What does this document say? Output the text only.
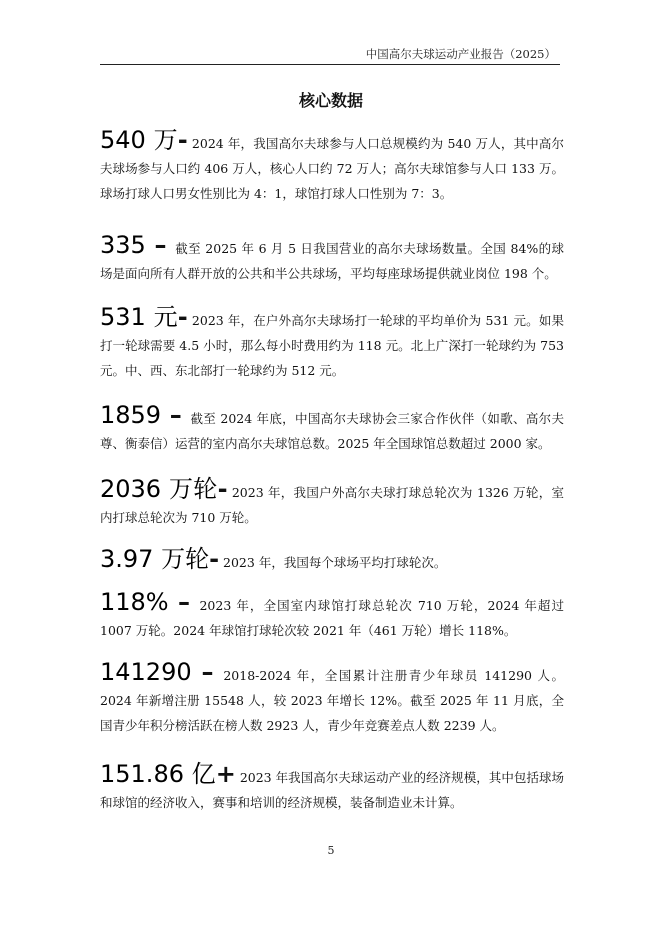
中国高尔夫球运动产业报告（2025）
核心数据
540 万- 2024 年，我国高尔夫球参与人口总规模约为 540 万人，其中高尔夫球场参与人口约 406 万人，核心人口约 72 万人；高尔夫球馆参与人口 133 万。球场打球人口男女性别比为 4：1，球馆打球人口性别为 7：3。
335 – 截至 2025 年 6 月 5 日我国营业的高尔夫球场数量。全国 84%的球场是面向所有人群开放的公共和半公共球场，平均每座球场提供就业岗位 198 个。
531 元- 2023 年，在户外高尔夫球场打一轮球的平均单价为 531 元。如果打一轮球需要 4.5 小时，那么每小时费用约为 118 元。北上广深打一轮球约为 753 元。中、西、东北部打一轮球约为 512 元。
1859 – 截至 2024 年底，中国高尔夫球协会三家合作伙伴（如歌、高尔夫尊、衡泰信）运营的室内高尔夫球馆总数。2025 年全国球馆总数超过 2000 家。
2036 万轮- 2023 年，我国户外高尔夫球打球总轮次为 1326 万轮，室内打球总轮次为 710 万轮。
3.97 万轮- 2023 年，我国每个球场平均打球轮次。
118% – 2023 年，全国室内球馆打球总轮次 710 万轮，2024 年超过 1007 万轮。2024 年球馆打球轮次较 2021 年（461 万轮）增长 118%。
141290 – 2018-2024 年，全国累计注册青少年球员 141290 人。2024 年新增注册 15548 人，较 2023 年增长 12%。截至 2025 年 11 月底，全国青少年积分榜活跃在榜人数 2923 人，青少年竞赛差点人数 2239 人。
151.86 亿+ 2023 年我国高尔夫球运动产业的经济规模，其中包括球场和球馆的经济收入，赛事和培训的经济规模，装备制造业未计算。
5
